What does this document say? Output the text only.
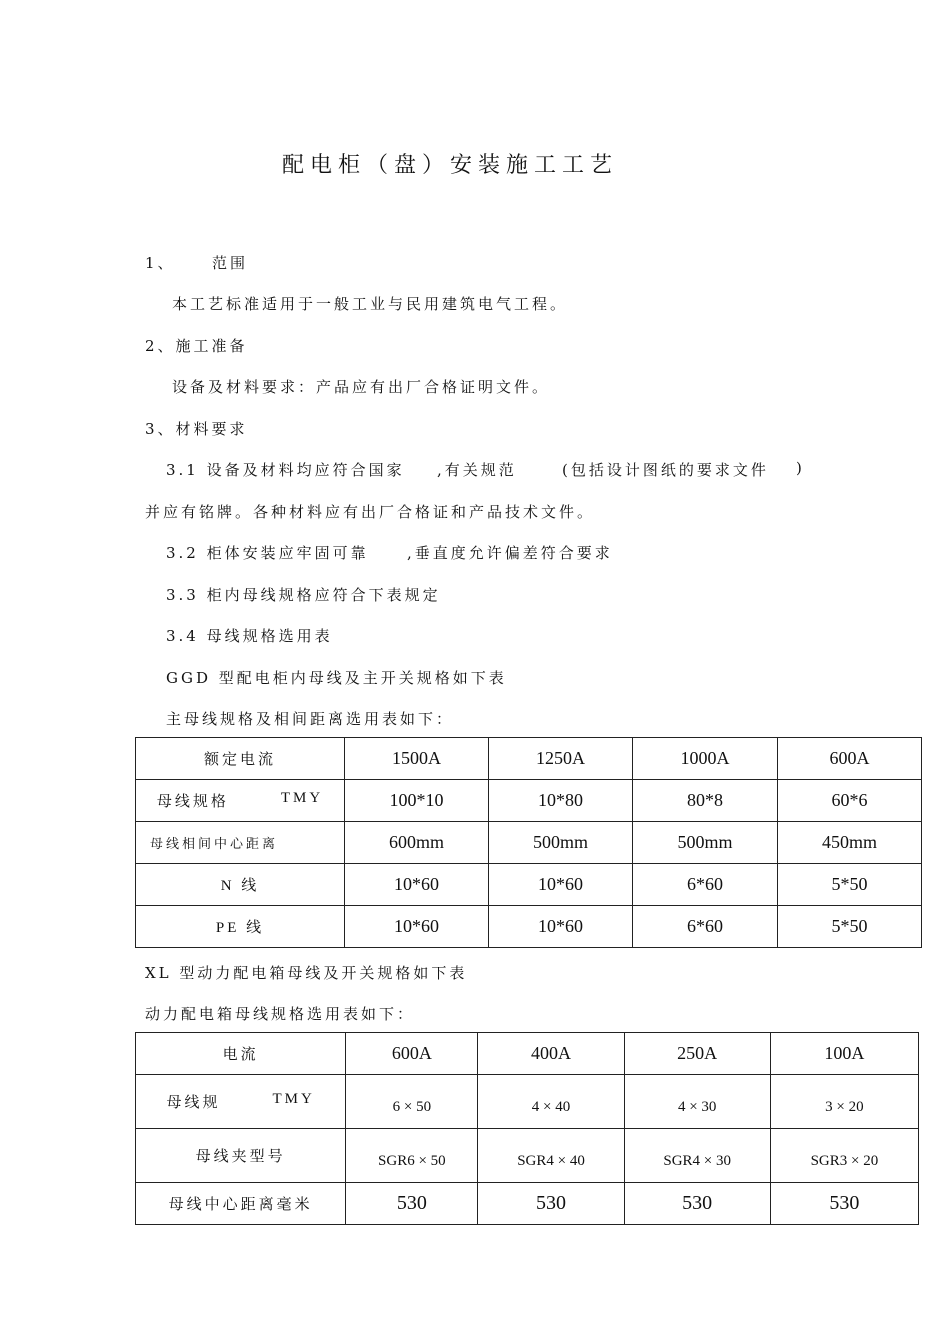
配电柜（盘）安装施工工艺
1、 范围
本工艺标准适用于一般工业与民用建筑电气工程。
2、施工准备
设备及材料要求：产品应有出厂合格证明文件。
3、材料要求
3.1 设备及材料均应符合国家 ,有关规范	(包括设计图纸的要求文件 )
并应有铭牌。各种材料应有出厂合格证和产品技术文件。
3.2 柜体安装应牢固可靠	,垂直度允许偏差符合要求
3.3 柜内母线规格应符合下表规定
3.4 母线规格选用表
GGD 型配电柜内母线及主开关规格如下表
主母线规格及相间距离选用表如下：
额定电流	1500A	1250A	1000A	600A

母线规格 TMY	100*10	10*80	80*8	60*6
母线相间中心距离	600mm	500mm	500mm	450mm
N 线	10*60	10*60	6*60	5*50
PE 线	10*60	10*60	6*60	5*50
XL 型动力配电箱母线及开关规格如下表
动力配电箱母线规格选用表如下：
电流	600A	400A	250A	100A

母线规 TMY	6 × 50	4 × 40	4 × 30	3 × 20
母线夹型号	SGR6 × 50	SGR4 × 40	SGR4 × 30	SGR3 × 20
母线中心距离毫米	530	530	530	530
